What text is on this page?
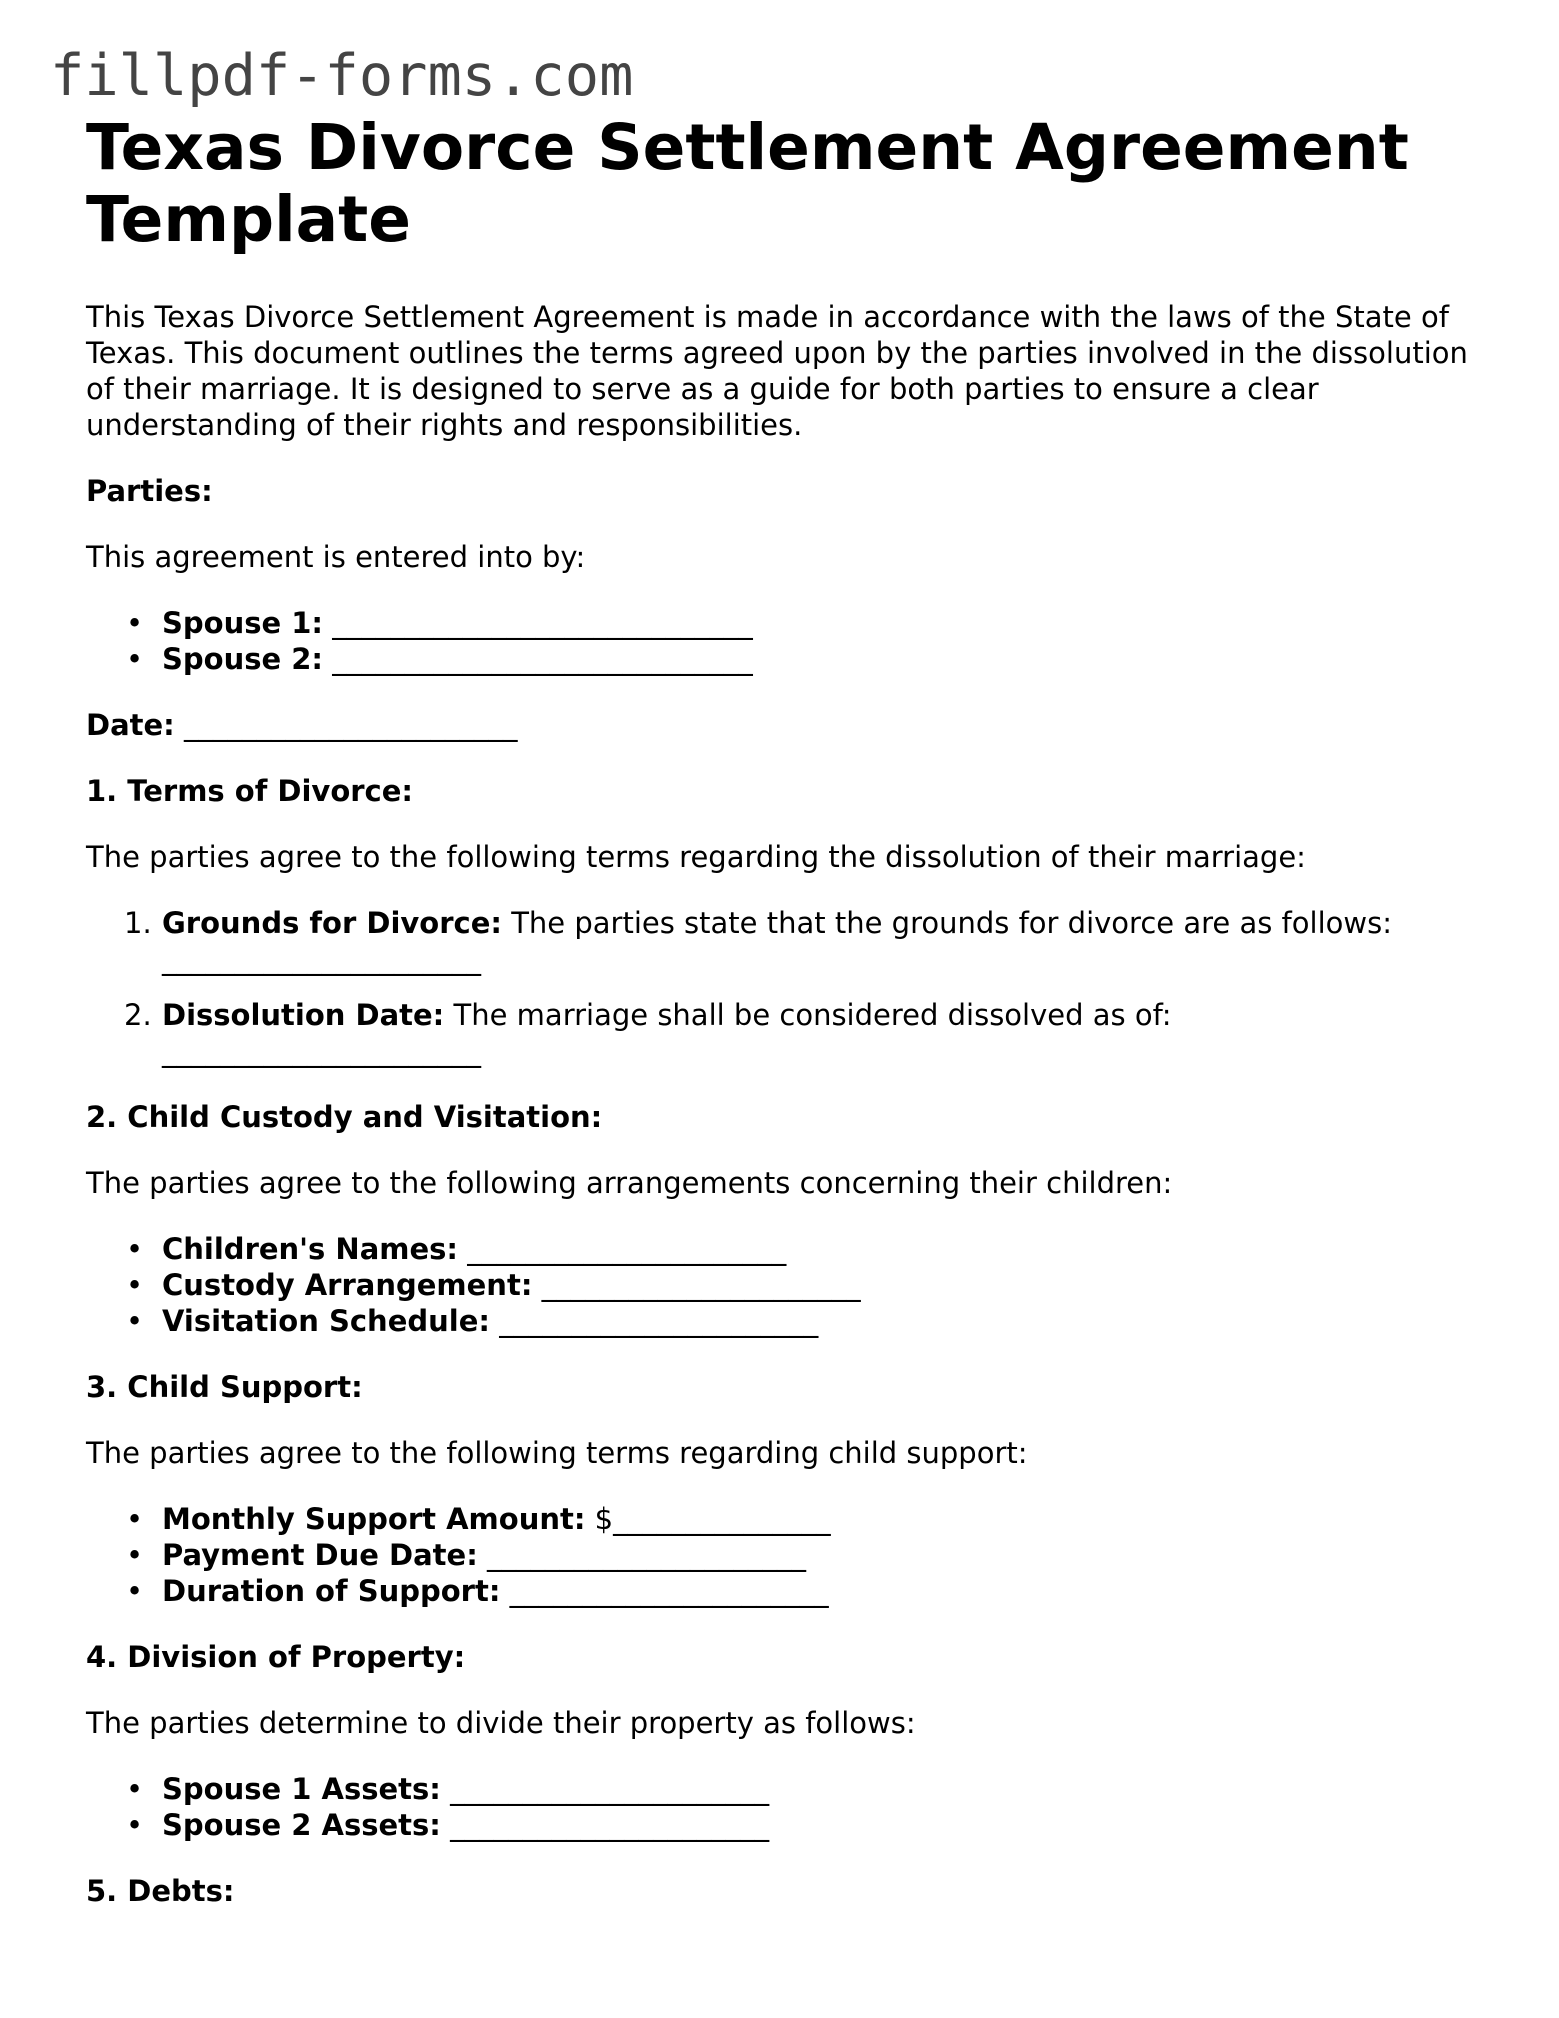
fillpdf-forms.com
Texas Divorce Settlement Agreement
Template

This Texas Divorce Settlement Agreement is made in accordance with the laws of the State of Texas. This document outlines the terms agreed upon by the parties involved in the dissolution of their marriage. It is designed to serve as a guide for both parties to ensure a clear understanding of their rights and responsibilities.

Parties:
This agreement is entered into by:
• Spouse 1: _____________________________
• Spouse 2: _____________________________
Date: _______________________
1. Terms of Divorce:
The parties agree to the following terms regarding the dissolution of their marriage:
1. Grounds for Divorce: The parties state that the grounds for divorce are as follows:
______________________
2. Dissolution Date: The marriage shall be considered dissolved as of:
______________________
2. Child Custody and Visitation:
The parties agree to the following arrangements concerning their children:
• Children's Names: ______________________
• Custody Arrangement: ______________________
• Visitation Schedule: ______________________
3. Child Support:
The parties agree to the following terms regarding child support:
• Monthly Support Amount: $_______________
• Payment Due Date: ______________________
• Duration of Support: ______________________
4. Division of Property:
The parties determine to divide their property as follows:
• Spouse 1 Assets: ______________________
• Spouse 2 Assets: ______________________
5. Debts:
